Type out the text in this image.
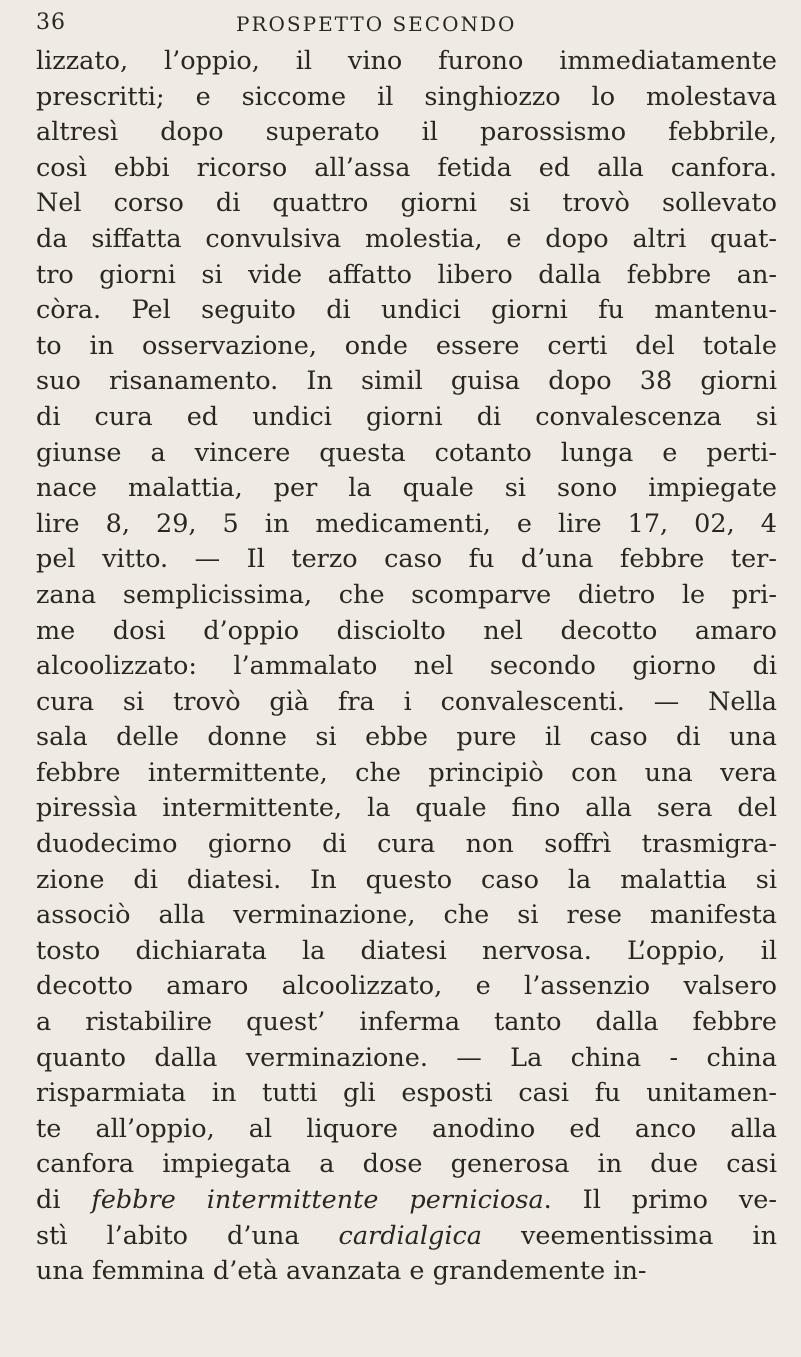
36	PROSPETTO SECONDO
lizzato, l’oppio, il vino furono immediatamente
prescritti; e siccome il singhiozzo lo molestava
altresì dopo superato il parossismo febbrile,
così ebbi ricorso all’assa fetida ed alla canfora.
Nel corso di quattro giorni si trovò sollevato
da siffatta convulsiva molestia, e dopo altri quat-
tro giorni si vide affatto libero dalla febbre an-
còra. Pel seguito di undici giorni fu mantenu-
to in osservazione, onde essere certi del totale
suo risanamento. In simil guisa dopo 38 giorni
di cura ed undici giorni di convalescenza si
giunse a vincere questa cotanto lunga e perti-
nace malattia, per la quale si sono impiegate
lire 8, 29, 5 in medicamenti, e lire 17, 02, 4
pel vitto. — Il terzo caso fu d’una febbre ter-
zana semplicissima, che scomparve dietro le pri-
me dosi d’oppio disciolto nel decotto amaro
alcoolizzato: l’ammalato nel secondo giorno di
cura si trovò già fra i convalescenti. — Nella
sala delle donne si ebbe pure il caso di una
febbre intermittente, che principiò con una vera
piressìa intermittente, la quale fino alla sera del
duodecimo giorno di cura non soffrì trasmigra-
zione di diatesi. In questo caso la malattia si
associò alla verminazione, che si rese manifesta
tosto dichiarata la diatesi nervosa. L’oppio, il
decotto amaro alcoolizzato, e l’assenzio valsero
a ristabilire quest’ inferma tanto dalla febbre
quanto dalla verminazione. — La china - china
risparmiata in tutti gli esposti casi fu unitamen-
te all’oppio, al liquore anodino ed anco alla
canfora impiegata a dose generosa in due casi
di febbre intermittente perniciosa. Il primo ve-
stì l’abito d’una cardialgica veementissima in
una femmina d’età avanzata e grandemente in-
